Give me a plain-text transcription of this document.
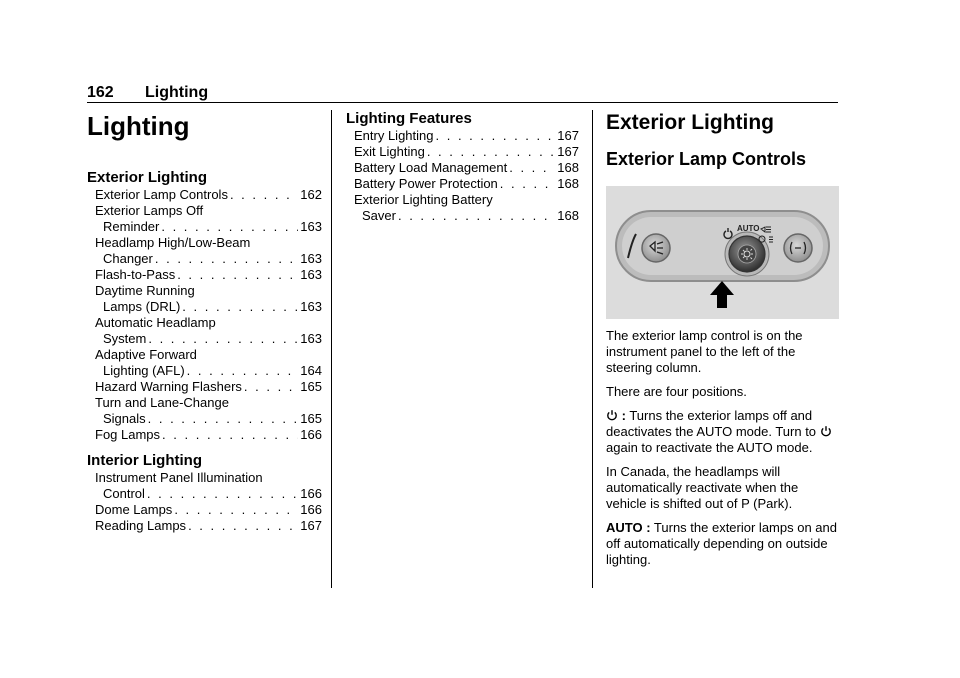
162 Lighting
Lighting
Exterior Lighting
Exterior Lamp Controls . . .	162
Exterior Lamps Off
Reminder . . .	163
Headlamp High/Low-Beam
Changer . . .	163
Flash-to-Pass . . .	163
Daytime Running
Lamps (DRL) . . .	163
Automatic Headlamp
System . . .	163
Adaptive Forward
Lighting (AFL) . . .	164
Hazard Warning Flashers . . .	165
Turn and Lane-Change
Signals . . .	165
Fog Lamps . . .	166
Interior Lighting
Instrument Panel Illumination
Control . . .	166
Dome Lamps . . .	166
Reading Lamps . . .	167
Lighting Features
Entry Lighting . . .	167
Exit Lighting . . .	167
Battery Load Management . . .	168
Battery Power Protection . . .	168
Exterior Lighting Battery
Saver . . .	168
Exterior Lighting
Exterior Lamp Controls
AUTO
The exterior lamp control is on the instrument panel to the left of the steering column.
There are four positions.
: Turns the exterior lamps off and deactivates the AUTO mode. Turn to  again to reactivate the AUTO mode.
In Canada, the headlamps will automatically reactivate when the vehicle is shifted out of P (Park).
AUTO : Turns the exterior lamps on and off automatically depending on outside lighting.
